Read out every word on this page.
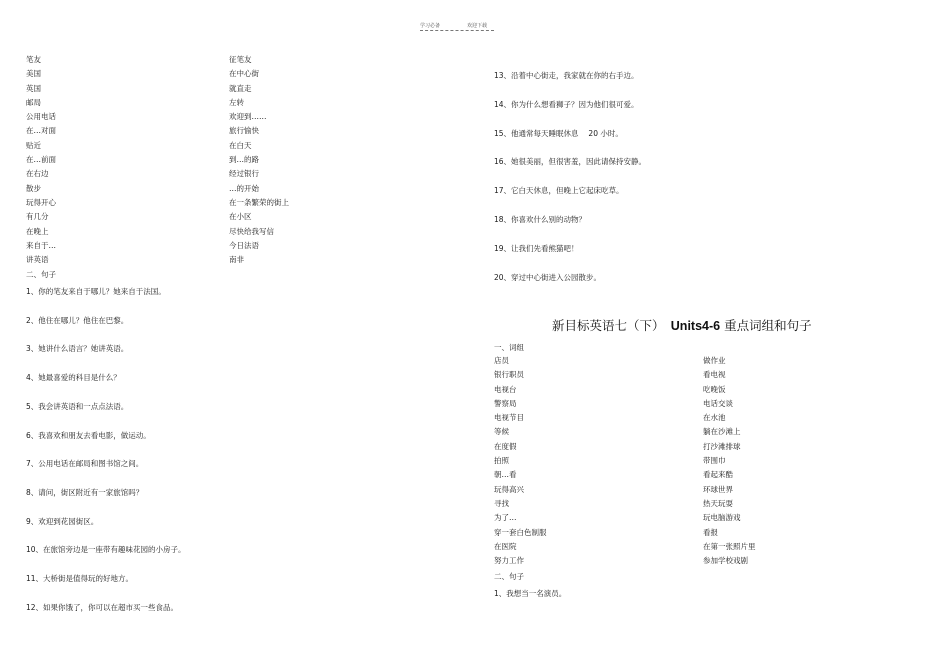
学习必备	欢迎下载
笔友
美国
英国
邮局
公用电话
在…对面
贴近
在…前面
在右边
散步
玩得开心
有几分
在晚上
来自于…
讲英语
征笔友
在中心街
就直走
左转
欢迎到……
旅行愉快
在白天
到…的路
经过银行
…的开始
在一条繁荣的街上
在小区
尽快给我写信
今日法语
南非
二、句子
1、你的笔友来自于哪儿？她来自于法国。
2、他住在哪儿？他住在巴黎。
3、她讲什么语言？她讲英语。
4、她最喜爱的科目是什么？
5、我会讲英语和一点点法语。
6、我喜欢和朋友去看电影，做运动。
7、公用电话在邮局和图书馆之间。
8、请问，街区附近有一家旅馆吗？
9、欢迎到花园街区。
10、在旅馆旁边是一座带有趣味花园的小房子。
11、大桥街是值得玩的好地方。
12、如果你饿了，你可以在超市买一些食品。
13、沿着中心街走，我家就在你的右手边。
14、你为什么想看狮子？因为他们很可爱。
15、他通常每天睡眠休息　 20 小时。
16、她很美丽，但很害羞，因此请保持安静。
17、它白天休息，但晚上它起床吃草。
18、你喜欢什么别的动物？
19、让我们先看熊猫吧！
20、穿过中心街进入公园散步。
新目标英语七（下）　 Units4-6 重点词组和句子
一、词组
店员
银行职员
电视台
警察局
电视节目
等候
在度假
拍照
朝…看
玩得高兴
寻找
为了…
穿一套白色制服
在医院
努力工作
做作业
看电视
吃晚饭
电话交谈
在水池
躺在沙滩上
打沙滩排球
带围巾
看起来酷
环球世界
热天玩耍
玩电脑游戏
看报
在第一张照片里
参加学校戏剧
二、句子
1、我想当一名演员。
